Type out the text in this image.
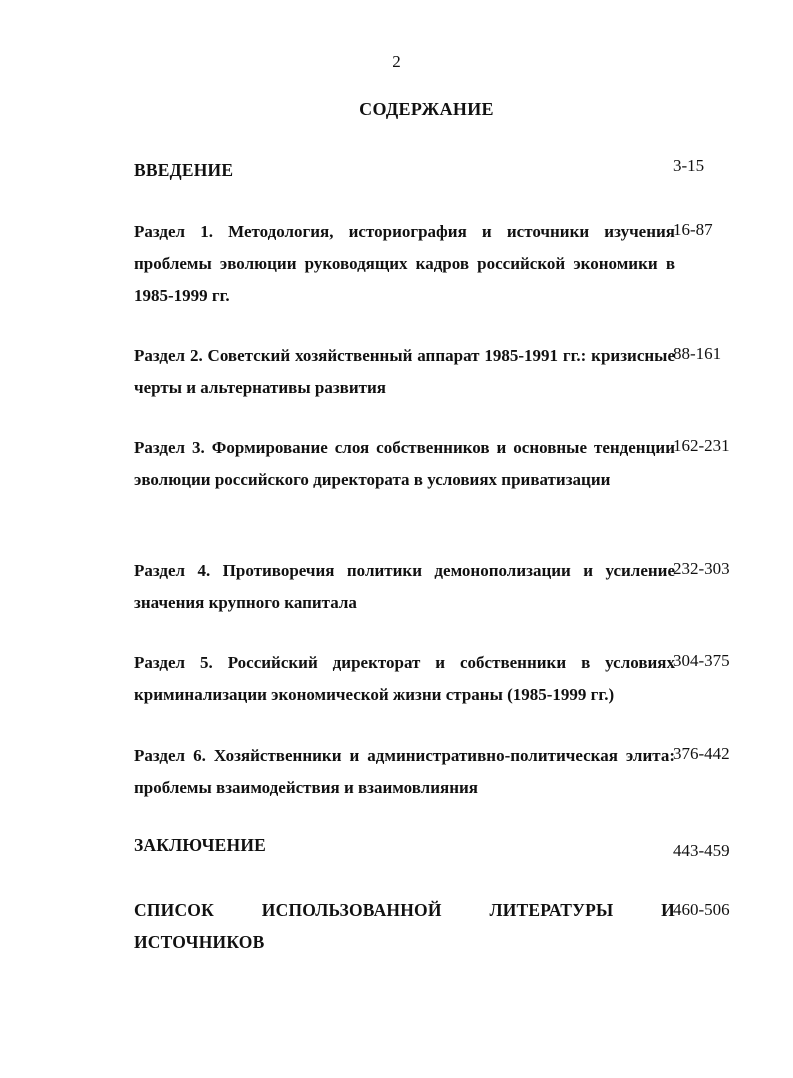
2
СОДЕРЖАНИЕ
ВВЕДЕНИЕ	3-15
Раздел 1. Методология, историография и источники изучения проблемы эволюции руководящих кадров российской экономики в 1985-1999 гг.
16-87
Раздел 2. Советский хозяйственный аппарат 1985-1991 гг.: кризисные черты и альтернативы развития
88-161
Раздел 3. Формирование слоя собственников и основные тенденции эволюции российского директората в условиях приватизации
162-231
Раздел 4. Противоречия политики демонополизации и усиление значения крупного капитала
232-303
Раздел 5. Российский директорат и собственники в условиях криминализации экономической жизни страны (1985-1999 гг.)
304-375
Раздел 6. Хозяйственники и административно-политическая элита: проблемы взаимодействия и взаимовлияния
376-442
ЗАКЛЮЧЕНИЕ	443-459
СПИСОК ИСПОЛЬЗОВАННОЙ ЛИТЕРАТУРЫ И ИСТОЧНИКОВ
460-506
